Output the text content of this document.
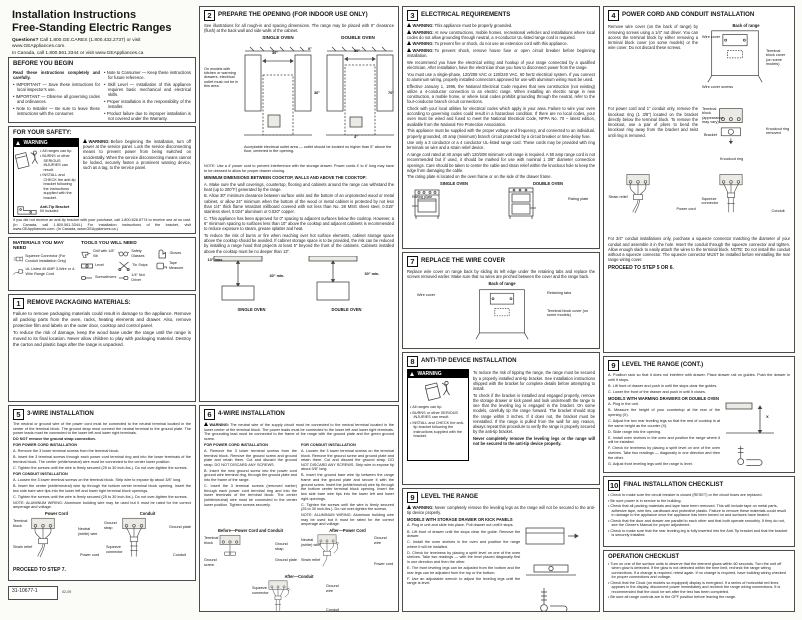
Installation Instructions
Free-Standing Electric Ranges
Questions? Call 1.800.GE.CARES (1.800.432.2737) or visit www.GEAppliances.com.
In Canada, call 1.800.561.3344 or visit www.GEAppliances.ca
BEFORE YOU BEGIN
Read these instructions completely and carefully.
• IMPORTANT — Save these instructions for local inspector's use.
• IMPORTANT — Observe all governing codes and ordinances.
• Note to Installer — Be sure to leave these instructions with the consumer.
• Note to Consumer — Keep these instructions for future reference.
• Skill Level — Installation of this appliance requires basic mechanical and electrical skills.
• Proper installation is the responsibility of the installer.
• Product failure due to improper installation is not covered under the Warranty.
FOR YOUR SAFETY:
WARNING
• All ranges can tip.
• BURNS or other SERIOUS INJURIES can result.
• INSTALL and CHECK the anti-tip bracket following the instructions supplied with the bracket.
Anti-Tip Bracket
Kit Included

WARNING:Before beginning the installation, turn off power at the service panel. Lock the service disconnecting means to prevent power from being switched on accidentally. When the service disconnecting means cannot be locked, securely fasten a prominent warning device, such as a tag, to the service panel.

If you did not receive an anti-tip bracket with your purchase, call 1.800.626.8774 to receive one at no cost. (In Canada, call 1.800.561.3344.) For installation instructions of the bracket, visit www.GEAppliances.com. (In Canada, www.GEAppliances.ca.)

MATERIALS YOU MAY NEED
Squeeze Connector (For Conduit Installation Only)
UL Listed 40 AMP 3-Wire or 4-Wire Range Cord
TOOLS YOU WILL NEED
Drill with 1/8" Bit
Safety Glasses
Gloves
Level	Tin Snips
Tape Measure
Screwdrivers
1/4" Nut Driver
1	REMOVE PACKAGING MATERIALS:

Failure to remove packaging materials could result in damage to the appliance. Remove all packing parts from the oven, racks, heating elements and drawer. Also, remove protective film and labels on the outer door, cooktop and control panel.

To reduce the risk of damage, keep the wood base under the range until the range is moved to its final location. Never allow children to play with packaging material. Destroy the carton and plastic bags after the range is unpacked.

5	3-WIRE INSTALLATION

The neutral or ground wire of the power cord must be connected to the neutral terminal located in the center of the terminal block. The ground strap must connect the neutral terminal to the ground plate. The power leads must be connected to the lower left and lower right terminals.

DO NOT remove the ground strap connection.

FOR POWER CORD INSTALLATION

A. Remove the 3 lower terminal screws from the terminal block.

B. Insert the 3 terminal screws through each power cord terminal ring and into the lower terminals of the terminal block. The center (white/neutral) wire must be connected to the center lower position.

C. Tighten the screws until the wire is firmly secured (25 to 30 inch-lbs.). Do not over-tighten the screws.

FOR CONDUIT INSTALLATION

A. Loosen the 3 lower terminal screws on the terminal block. Strip wire to expose tip about 3/8" long.

B. Insert the center (white/neutral) wire tip through the bottom center terminal block opening. Insert the two side bare wire tips into the lower left and lower right terminal block openings.

C. Tighten the screws until the wire is firmly secured (25 to 30 inch-lbs.). Do not over-tighten the screws.

NOTE: ALUMINUM WIRING: Aluminum building wire may be used but it must be rated for the correct amperage and voltage.

Power Cord
Terminal block
Neutral (white) wire
Strain relief
Power cord
Conduit
Ground strap	Ground plate
Squeeze connector
Conduit
PROCEED TO STEP 7.
31-10677-1	02-09
2	PREPARE THE OPENING (FOR INDOOR USE ONLY)

See illustrations for all rough-in and spacing dimensions. The range may be placed with 0" clearance (flush) at the back wall and side walls of the cabinet.

SINGLE OVEN	DOUBLE OVEN
On models with kitchen or warming drawers, electrical outlet must not be in this area.
30"
36"
0"	30"
70"
4"
Acceptable electrical outlet area — outlet should be located no higher than 5" above the floor, centered in the opening.

NOTE: Use a 4' power cord to prevent interference with the storage drawer. Power cords 4' to 6' long may have to be dressed to allow for proper drawer closing.

MINIMUM DIMENSIONS BETWEEN COOKTOP, WALLS AND ABOVE THE COOKTOP:

A. Make sure the wall coverings, countertop, flooring and cabinets around the range can withstand the heat (up to 200°F) generated by the range.

B. Allow 30" minimum clearance between surface units and the bottom of an unprotected wood or metal cabinet, or allow 24" minimum when the bottom of the wood or metal cabinet is protected by not less than 1/4" thick flame retardant millboard covered with not less than No. 28 MSG sheet steel, 0.015" stainless steel, 0.024" aluminum or 0.020" copper.

C. This appliance has been approved for 0" spacing to adjacent surfaces below the cooktop. However, a 6" minimum spacing to surfaces less than 10" above the cooktop and adjacent cabinets is recommended to reduce exposure to steam, grease splatter and heat.

To reduce the risk of burns or fire when reaching over hot surface elements, cabinet storage space above the cooktop should be avoided. If cabinet storage space is to be provided, the risk can be reduced by installing a range hood that projects at least 5" beyond the front of the cabinets. Cabinets installed above the cooktop must be no deeper than 13".

30" min.
13" max.
SINGLE OVEN
30" min.
DOUBLE OVEN
6	4-WIRE INSTALLATION

WARNING:The neutral wire of the supply circuit must be connected to the neutral terminal located in the lower center of the terminal block. The power leads must be connected to the lower left and lower right terminals. The grounding lead must be connected to the frame of the range with the ground plate and the green ground screw.

FOR POWER CORD INSTALLATION

A. Remove the 3 lower terminal screws from the terminal block. Remove the ground screw and ground plate and retain them. Cut and discard the ground strap. DO NOT DISCARD ANY SCREWS.

B. Insert the new ground screw into the power cord ground wire terminal ring, through the ground plate and into the frame of the range.

C. Insert the 3 terminal screws (removed earlier) through each power cord terminal ring and into the lower terminals of the terminal block. The center (white/neutral) wire must be connected to the center lower position. Tighten screws securely.

FOR CONDUIT INSTALLATION

A. Loosen the 3 lower terminal screws on the terminal block. Remove the ground screw and ground plate and retain them. Cut and discard the ground strap. DO NOT DISCARD ANY SCREWS. Strip wire to expose tip about 3/8" long.

B. Insert the ground bare wire tip between the range frame and the ground plate and secure it with the ground screw. Insert the (white/neutral) wire tip through the bottom center terminal block opening. Insert the two side bare wire tips into the lower left and lower right openings.

C. Tighten the screws until the wire is firmly secured (25 to 30 inch-lbs.). Do not over-tighten the screws.

NOTE: ALUMINUM WIRING: Aluminum building wire may be used but it must be rated for the correct amperage and voltage.

Before—Power Cord and Conduit
Terminal block	Ground strap
Ground plate
Ground screw
After—Power Cord
Neutral (white) wire
Ground wire
Strain relief
Power cord
After—Conduit
Squeeze connector
Ground wire
Conduit
3	ELECTRICAL REQUIREMENTS

WARNING:This appliance must be properly grounded.

WARNING:At new constructions, mobile homes, recreational vehicles and installations where local codes do not allow grounding through neutral, a 4-conductor UL-listed range cord is required.

WARNING:To prevent fire or shock, do not use an extension cord with this appliance.

WARNING:To prevent shock, remove house fuse or open circuit breaker before beginning installation.

We recommend you have the electrical wiring and hookup of your range connected by a qualified electrician. After installation, have the electrician show you how to disconnect power from the range.

You must use a single-phase, 120/208 VAC or 120/240 VAC, 60 hertz electrical system. If you connect to aluminum wiring, properly installed connectors approved for use with aluminum wiring must be used.

Effective January 1, 1996, the National Electrical Code requires that new construction (not existing) utilize a 4-conductor connection to an electric range. When installing an electric range in new construction, a mobile home, or where local codes prohibit grounding through the neutral, refer to the four-conductor branch circuit connections.

Check with your local utilities for electrical codes which apply in your area. Failure to wire your oven according to governing codes could result in a hazardous condition. If there are no local codes, your oven must be wired and fused to meet the National Electrical Code, NFPA No. 70 – latest edition, available from the National Fire Protection Association.

This appliance must be supplied with the proper voltage and frequency, and connected to an individual, properly grounded, 40 amp (minimum) branch circuit protected by a circuit breaker or time-delay fuse.

Use only a 3 conductor or a 4 conductor UL-listed range cord. These cords may be provided with ring terminals on wire and a strain relief device.

A range cord rated at 40 amps with 120/208 minimum volt range is required. A 50 amp range cord is not recommended but if used, it should be marked for use with nominal 1 3/8" diameter connection openings. Care should be taken to center the cable and strain relief within the knockout hole to keep the edge from damaging the cable.

The rating plate is located on the oven frame or on the side of the drawer frame.

SINGLE OVEN
Rating plate
DOUBLE OVEN
Rating plate
7	REPLACE THE WIRE COVER

Replace wire cover on range back by sliding its left edge under the retaining tabs and replace the screws removed earlier. Make sure that no wires are pinched between the cover and the range back.

Back of range
Wire cover	Retaining tabs
Terminal block cover (on some models)
8	ANTI-TIP DEVICE INSTALLATION
WARNING
• All ranges can tip.
• BURNS or other SERIOUS INJURIES can result.
• INSTALL and CHECK the anti-tip bracket following the instructions supplied with the bracket.

To reduce the risk of tipping the range, the range must be secured by a properly installed anti-tip bracket. See installation instructions shipped with the bracket for complete details before attempting to install.

To check if the bracket is installed and engaged properly, remove the storage drawer or kick panel and look underneath the range to see that the leveling leg is engaged in the bracket. On some models, carefully tip the range forward. The bracket should stop the range within 3 inches. If it does not, the bracket must be reinstalled. If the range is pulled from the wall for any reason, always repeat this procedure to verify the range is properly secured by the anti-tip bracket.

Never completely remove the leveling legs or the range will not be secured to the anti-tip device properly.

9	LEVEL THE RANGE

WARNING:Never completely remove the leveling legs as the range will not be secured to the anti-tip device properly.

MODELS WITH STORAGE DRAWER OR KICK PANELS

A. Plug in unit and slide into place. Pull drawer out until it stops.

B. Lift front of drawer until the stops clear the guide. Remove the drawer.

C. Install the oven shelves in the oven and position the range where it will be installed.

D. Check for levelness by placing a spirit level on one of the oven shelves. Take two readings — with the level placed diagonally first in one direction and then the other.

E. The front leveling legs can be adjusted from the bottom and the rear legs can be adjusted from the top or the bottom.

F. Use an adjustable wrench to adjust the leveling legs until the range is level.

4	POWER CORD AND CONDUIT INSTALLATION

Remove wire cover (on the back of range) by removing screws using a 1/4" nut driver. You can access the terminal block by either removing a terminal block cover (on some models) or the wire cover. Do not discard these screws.

Back of range
Wire cover
Terminal block cover (on some models)
Wire cover screws

For power cord and 1" conduit only, remove the knockout ring (1 3/8") located on the bracket directly below the terminal block. To remove the knockout, use a pair of pliers to bend the knockout ring away from the bracket and twist until ring is removed.

Terminal block (appearance may vary)
Knockout ring removed
Bracket
Knockout ring
Strain relief
Power cord
Squeeze connector
Conduit

For 3/4" conduit installations only, purchase a squeeze connector matching the diameter of your conduit and assemble it in the hole. Insert the conduit through the squeeze connector and tighten. Allow enough slack to easily attach the wires to the terminal block. NOTE: Do not install the conduit without a squeeze connector. The squeeze connector MUST be installed before reinstalling the rear range wiring cover.

PROCEED TO STEP 5 OR 6.
9	LEVEL THE RANGE (CONT.)

A. Position rack so that it does not interfere with drawer. Place drawer rail on guides. Push the drawer in until it stops.

B. Lift front of drawer and push in until the stops clear the guides.

C. Lower the front of the drawer and push in until it closes.

MODELS WITH WARMING DRAWERS OR DOUBLE OVEN

A. Plug in the unit.

B. Measure the height of your countertop at the rear of the opening (X).

C. Adjust the two rear leveling legs so that the rest of cooktop is at the same height as the counter (X).

D. Slide range into the opening.

E. Install oven shelves in the oven and position the range where it will be installed.

F. Check for levelness by placing a spirit level on one of the oven shelves. Take two readings — diagonally in one direction and then the other.

G. Adjust front leveling legs until the range is level.

X
10 FINAL INSTALLATION CHECKLIST
• Check to make sure the circuit breaker is closed (RESET) or the circuit fuses are replaced.
• Be sure power is in service to the building.
• Check that all packing materials and tape have been removed. This will include tape on metal parts, adhesive tape, wire ties, cardboard and protective plastic. Failure to remove these materials could result in damage to the appliance once the appliance has been turned on and surfaces have heated.
• Check that the door and drawer are parallel to each other and that both operate smoothly. If they do not, see the Owner's Manual for proper adjustment.
• Check to make sure that the rear leveling leg is fully inserted into the Anti-Tip bracket and that the bracket is securely installed.
OPERATION CHECKLIST
• Turn on one of the surface units to observe that the element glows within 60 seconds. Turn the unit off when glow is detected. If the glow is not detected within the time limit, recheck the range wiring connections. If a change is required, retest again. If no change is required, have building wiring checked for proper connections and voltage.
• Check that the Clock (on models so equipped) display is energized. If a series of horizontal red lines appears in the display, disconnect power immediately and recheck the range wiring connections. It is recommended that the clock be set after the test has been completed.
• Be sure all range controls are in the OFF position before leaving the range.
